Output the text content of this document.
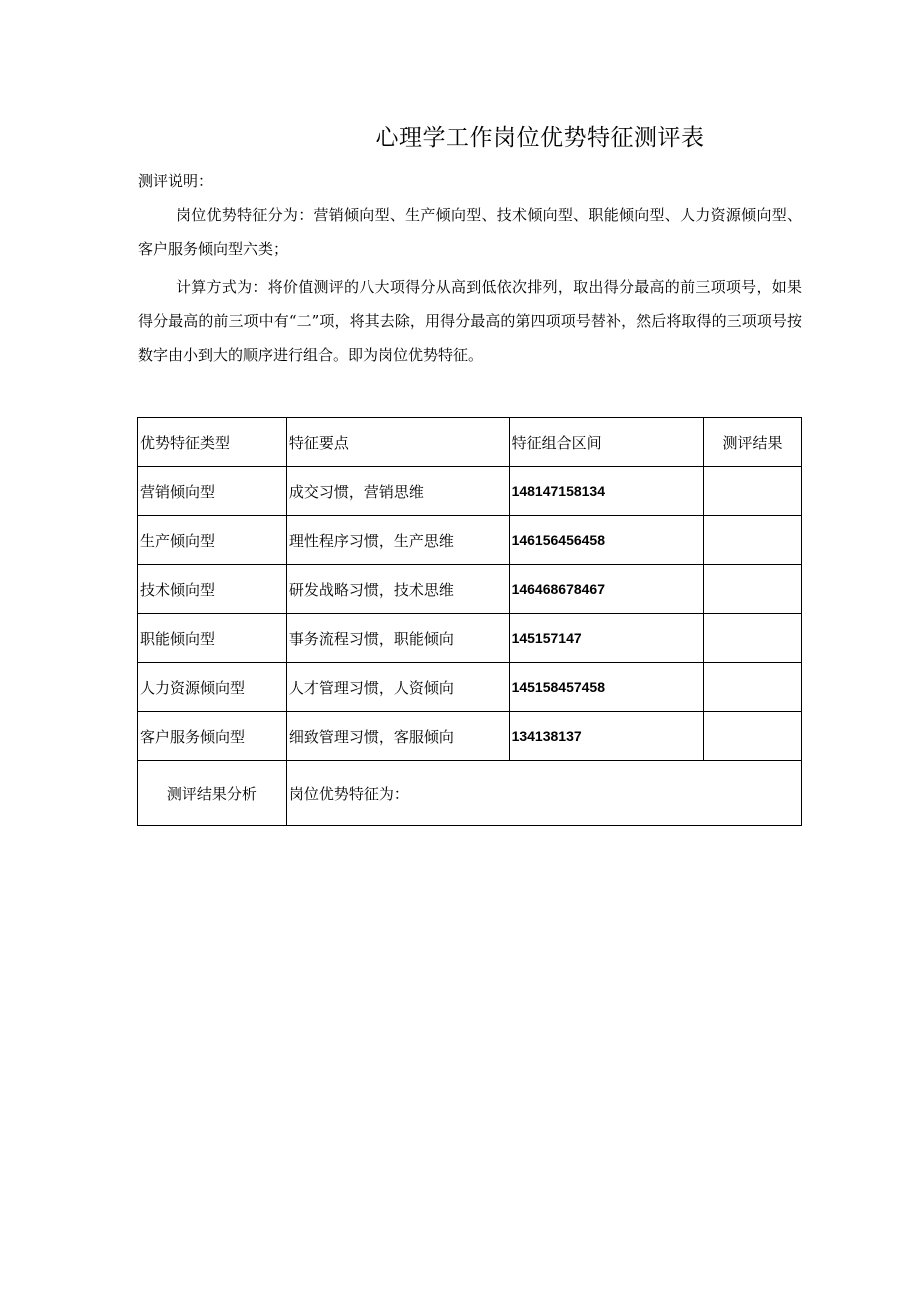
心理学工作岗位优势特征测评表
测评说明：
岗位优势特征分为：营销倾向型、生产倾向型、技术倾向型、职能倾向型、人力资源倾向型、客户服务倾向型六类；
计算方式为：将价值测评的八大项得分从高到低依次排列，取出得分最高的前三项项号，如果得分最高的前三项中有“二”项，将其去除，用得分最高的第四项项号替补，然后将取得的三项项号按数字由小到大的顺序进行组合。即为岗位优势特征。
优势特征类型	特征要点	特征组合区间	测评结果
营销倾向型	成交习惯，营销思维	148147158134	
生产倾向型	理性程序习惯，生产思维	146156456458	
技术倾向型	研发战略习惯，技术思维	146468678467	
职能倾向型	事务流程习惯，职能倾向	145157147	
人力资源倾向型	人才管理习惯，人资倾向	145158457458	
客户服务倾向型	细致管理习惯，客服倾向	134138137	
测评结果分析	岗位优势特征为：		
